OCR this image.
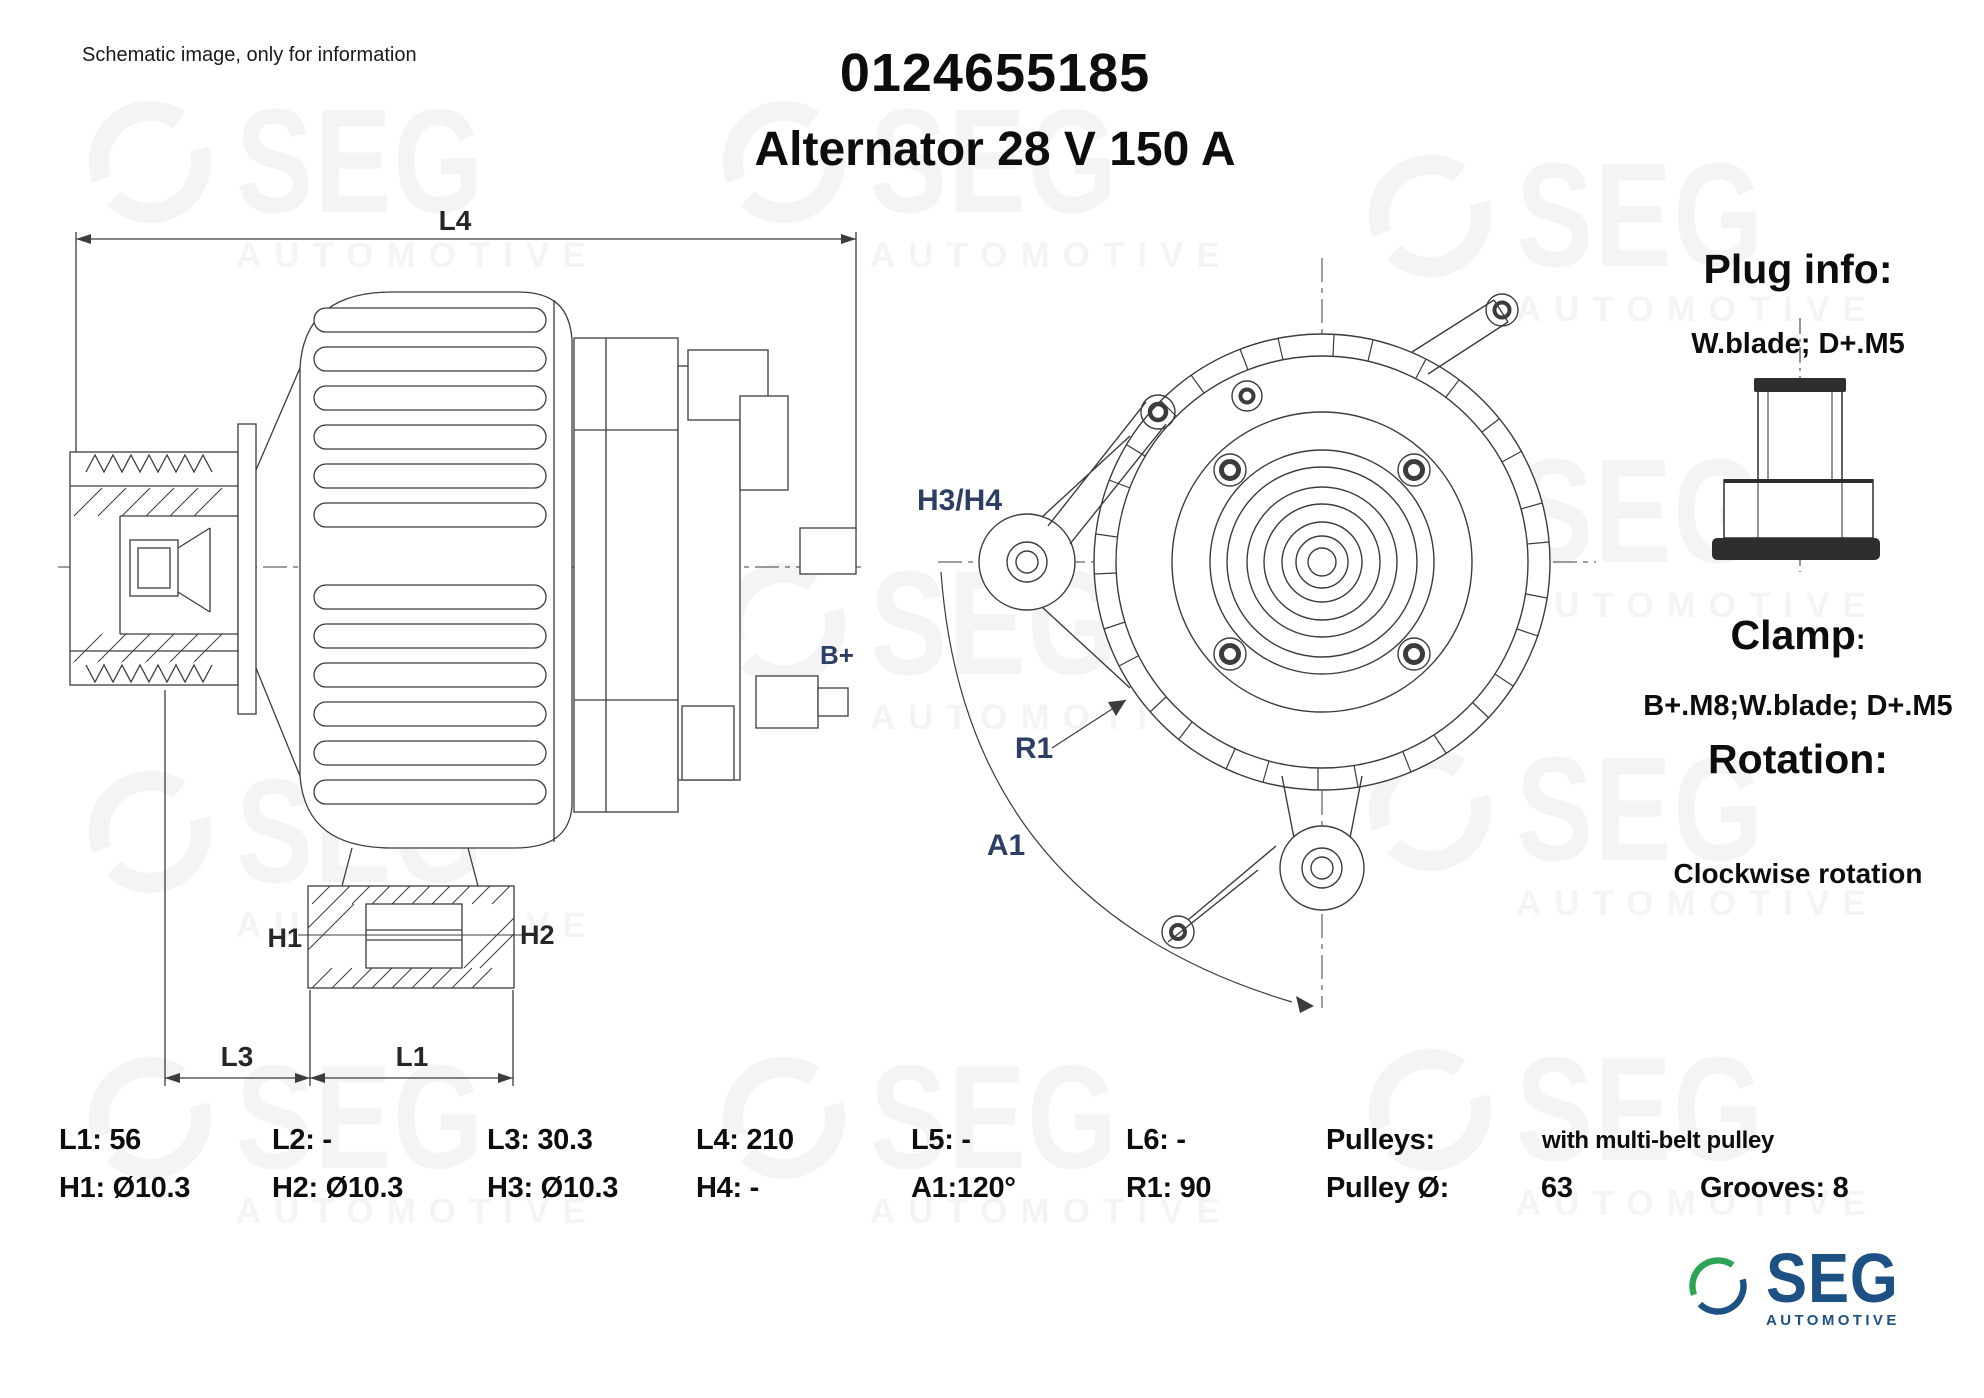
Schematic image, only for information	0124655185
Alternator 28 V 150 A
L4
B+
H1	H2
L3	L1
R1
A1
H3/H4
Plug info:
W.blade; D+.M5
Clamp:
B+.M8;W.blade; D+.M5
Rotation:
Clockwise rotation
L1: 56	L2: -	L3: 30.3	L4: 210	L5: -	L6: -	Pulleys:	with multi-belt pulley
H1: Ø10.3	H2: Ø10.3	H3: Ø10.3	H4: -	A1:120°	R1: 90	Pulley Ø:	63	Grooves: 8
SEG
AUTOMOTIVE
